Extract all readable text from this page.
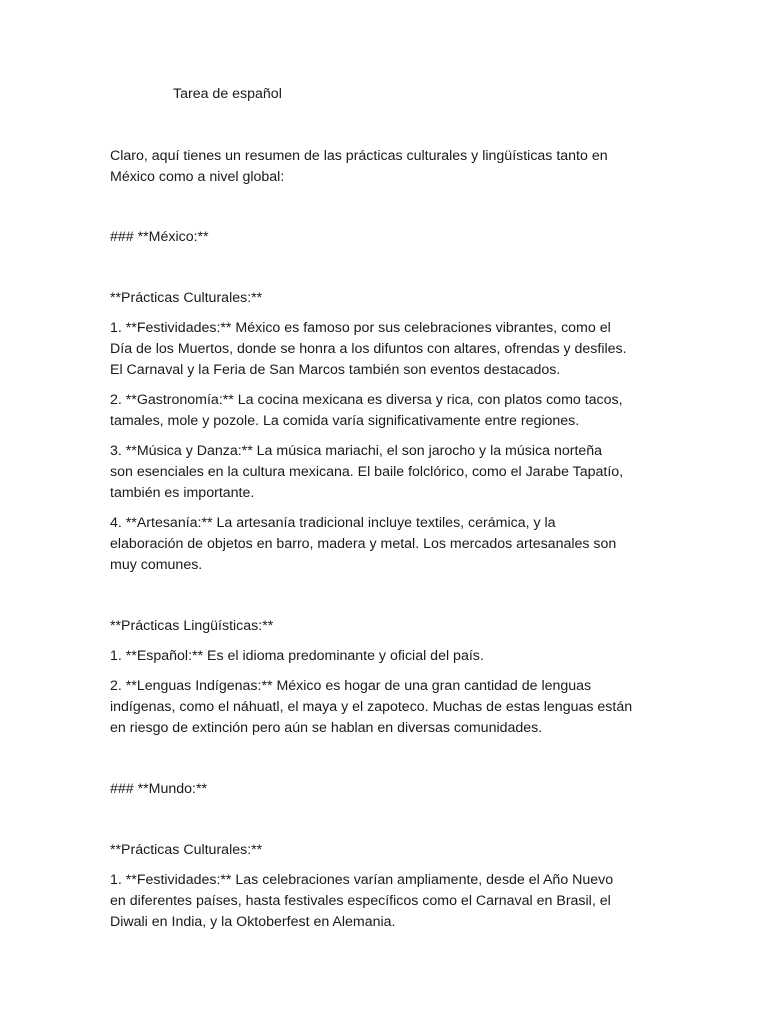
Tarea de español
Claro, aquí tienes un resumen de las prácticas culturales y lingüísticas tanto en
México como a nivel global:
### **México:**
**Prácticas Culturales:**
1. **Festividades:** México es famoso por sus celebraciones vibrantes, como el
Día de los Muertos, donde se honra a los difuntos con altares, ofrendas y desfiles.
El Carnaval y la Feria de San Marcos también son eventos destacados.
2. **Gastronomía:** La cocina mexicana es diversa y rica, con platos como tacos,
tamales, mole y pozole. La comida varía significativamente entre regiones.
3. **Música y Danza:** La música mariachi, el son jarocho y la música norteña
son esenciales en la cultura mexicana. El baile folclórico, como el Jarabe Tapatío,
también es importante.
4. **Artesanía:** La artesanía tradicional incluye textiles, cerámica, y la
elaboración de objetos en barro, madera y metal. Los mercados artesanales son
muy comunes.
**Prácticas Lingüísticas:**
1. **Español:** Es el idioma predominante y oficial del país.
2. **Lenguas Indígenas:** México es hogar de una gran cantidad de lenguas
indígenas, como el náhuatl, el maya y el zapoteco. Muchas de estas lenguas están
en riesgo de extinción pero aún se hablan en diversas comunidades.
### **Mundo:**
**Prácticas Culturales:**
1. **Festividades:** Las celebraciones varían ampliamente, desde el Año Nuevo
en diferentes países, hasta festivales específicos como el Carnaval en Brasil, el
Diwali en India, y la Oktoberfest en Alemania.
